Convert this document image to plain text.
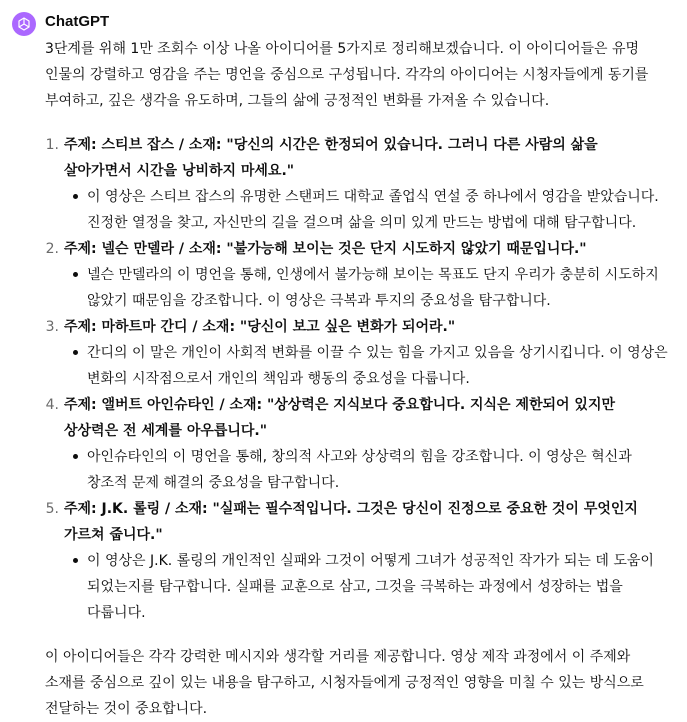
ChatGPT

3단계를 위해 1만 조회수 이상 나올 아이디어를 5가지로 정리해보겠습니다. 이 아이디어들은 유명 인물의 강렬하고 영감을 주는 명언을 중심으로 구성됩니다. 각각의 아이디어는 시청자들에게 동기를 부여하고, 깊은 생각을 유도하며, 그들의 삶에 긍정적인 변화를 가져올 수 있습니다.

1. 주제: 스티브 잡스 / 소재: "당신의 시간은 한정되어 있습니다. 그러니 다른 사람의 삶을 살아가면서 시간을 낭비하지 마세요."
이 영상은 스티브 잡스의 유명한 스탠퍼드 대학교 졸업식 연설 중 하나에서 영감을 받았습니다. 진정한 열정을 찾고, 자신만의 길을 걸으며 삶을 의미 있게 만드는 방법에 대해 탐구합니다.
2. 주제: 넬슨 만델라 / 소재: "불가능해 보이는 것은 단지 시도하지 않았기 때문입니다."
넬슨 만델라의 이 명언을 통해, 인생에서 불가능해 보이는 목표도 단지 우리가 충분히 시도하지 않았기 때문임을 강조합니다. 이 영상은 극복과 투지의 중요성을 탐구합니다.
3. 주제: 마하트마 간디 / 소재: "당신이 보고 싶은 변화가 되어라."
간디의 이 말은 개인이 사회적 변화를 이끌 수 있는 힘을 가지고 있음을 상기시킵니다. 이 영상은 변화의 시작점으로서 개인의 책임과 행동의 중요성을 다룹니다.
4. 주제: 앨버트 아인슈타인 / 소재: "상상력은 지식보다 중요합니다. 지식은 제한되어 있지만 상상력은 전 세계를 아우릅니다."
아인슈타인의 이 명언을 통해, 창의적 사고와 상상력의 힘을 강조합니다. 이 영상은 혁신과 창조적 문제 해결의 중요성을 탐구합니다.
5. 주제: J.K. 롤링 / 소재: "실패는 필수적입니다. 그것은 당신이 진정으로 중요한 것이 무엇인지 가르쳐 줍니다."
이 영상은 J.K. 롤링의 개인적인 실패와 그것이 어떻게 그녀가 성공적인 작가가 되는 데 도움이 되었는지를 탐구합니다. 실패를 교훈으로 삼고, 그것을 극복하는 과정에서 성장하는 법을 다룹니다.

이 아이디어들은 각각 강력한 메시지와 생각할 거리를 제공합니다. 영상 제작 과정에서 이 주제와 소재를 중심으로 깊이 있는 내용을 탐구하고, 시청자들에게 긍정적인 영향을 미칠 수 있는 방식으로 전달하는 것이 중요합니다.
